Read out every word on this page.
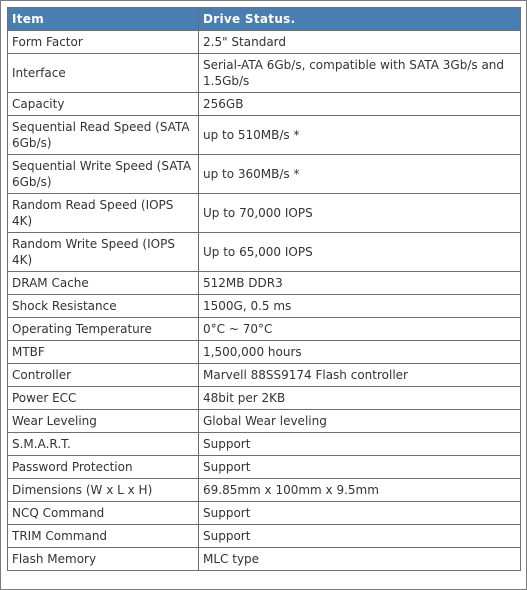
Item	Drive Status.
Form Factor	2.5" Standard
Interface	Serial-ATA 6Gb/s, compatible with SATA 3Gb/s and 1.5Gb/s
Capacity	256GB
Sequential Read Speed (SATA 6Gb/s)	up to 510MB/s *
Sequential Write Speed (SATA 6Gb/s)	up to 360MB/s *
Random Read Speed (IOPS 4K)	Up to 70,000 IOPS
Random Write Speed (IOPS 4K)	Up to 65,000 IOPS
DRAM Cache	512MB DDR3
Shock Resistance	1500G, 0.5 ms
Operating Temperature	0°C ~ 70°C
MTBF	1,500,000 hours
Controller	Marvell 88SS9174 Flash controller
Power ECC	48bit per 2KB
Wear Leveling	Global Wear leveling
S.M.A.R.T.	Support
Password Protection	Support
Dimensions (W x L x H)	69.85mm x 100mm x 9.5mm
NCQ Command	Support
TRIM Command	Support
Flash Memory	MLC type
